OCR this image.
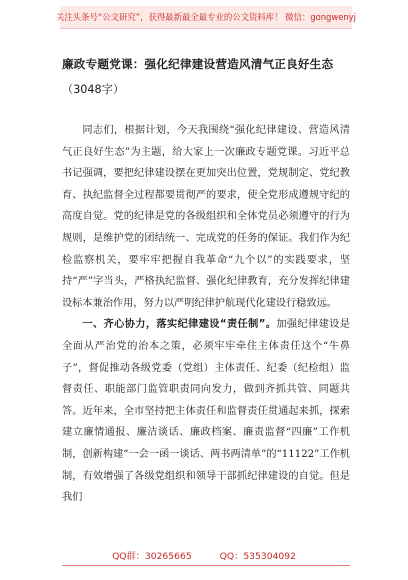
关注头条号“公文研究”，获得最新最全最专业的公文资料库！ 微信：gongwenyj
廉政专题党课：强化纪律建设营造风清气正良好生态
（3048字）

同志们，根据计划，今天我围绕“强化纪律建设、营造风清气正良好生态”为主题，给大家上一次廉政专题党课。习近平总书记强调，要把纪律建设摆在更加突出位置，党规制定、党纪教育、执纪监督全过程都要贯彻严的要求，使全党形成遵规守纪的高度自觉。党的纪律是党的各级组织和全体党员必须遵守的行为规则，是维护党的团结统一、完成党的任务的保证。我们作为纪检监察机关，要牢牢把握自我革命“九个以”的实践要求，坚持“严”字当头，严格执纪监督、强化纪律教育，充分发挥纪律建设标本兼治作用，努力以严明纪律护航现代化建设行稳致远。

一、齐心协力，落实纪律建设“责任制”。加强纪律建设是全面从严治党的治本之策，必须牢牢牵住主体责任这个“牛鼻子”，督促推动各级党委（党组）主体责任、纪委（纪检组）监督责任、职能部门监管职责同向发力，做到齐抓共管、同题共答。近年来，全市坚持把主体责任和监督责任贯通起来抓，探索建立廉情通报、廉洁谈话、廉政档案、廉责监督“四廉”工作机制，创新构建“一会一函一谈话、两书两清单”的“11122”工作机制，有效增强了各级党组织和领导干部抓纪律建设的自觉。但是我们

QQ群：30265665	QQ：535304092
